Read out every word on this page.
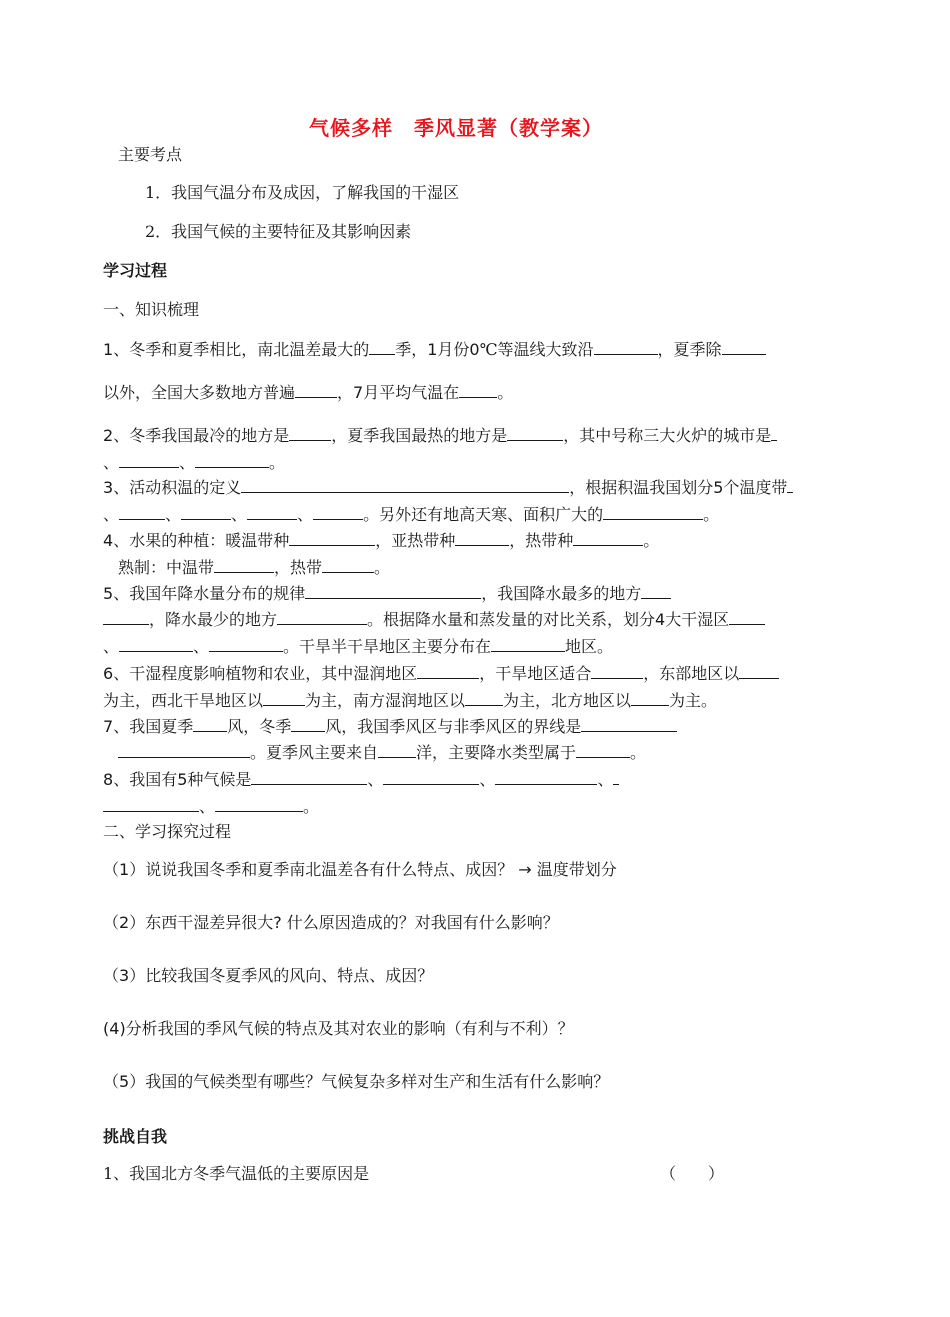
气候多样　季风显著（教学案）
主要考点
1．我国气温分布及成因，了解我国的干湿区
2．我国气候的主要特征及其影响因素
学习过程
一、知识梳理
1、冬季和夏季相比，南北温差最大的 季，1月份0℃等温线大致沿	，夏季除
以外，全国大多数地方普遍	，7月平均气温在 。
2、冬季我国最冷的地方是	，夏季我国最热的地方是	，其中号称三大火炉的城市是
、	、	。
3、活动积温的定义	，根据积温我国划分5个温度带
、	、	、	、	。另外还有地高天寒、面积广大的	。
4、水果的种植：暖温带种	，亚热带种	，热带种	。
熟制：中温带	，热带	。
5、我国年降水量分布的规律	，我国降水最多的地方
，降水最少的地方	。根据降水量和蒸发量的对比关系，划分4大干湿区
、	、	。干旱半干旱地区主要分布在	地区。
6、干湿程度影响植物和农业，其中湿润地区	，干旱地区适合	，东部地区以
为主，西北干旱地区以	为主，南方湿润地区以 为主，北方地区以 为主。
7、我国夏季 风，冬季 风，我国季风区与非季风区的界线是
。夏季风主要来自 洋，主要降水类型属于	。
8、我国有5种气候是	、	、	、
、	。
二、学习探究过程
（1）说说我国冬季和夏季南北温差各有什么特点、成因？ → 温度带划分
（2）东西干湿差异很大? 什么原因造成的？对我国有什么影响？
（3）比较我国冬夏季风的风向、特点、成因？
(4)分析我国的季风气候的特点及其对农业的影响（有利与不利）？
（5）我国的气候类型有哪些？气候复杂多样对生产和生活有什么影响？
挑战自我
1、我国北方冬季气温低的主要原因是	（　　）
